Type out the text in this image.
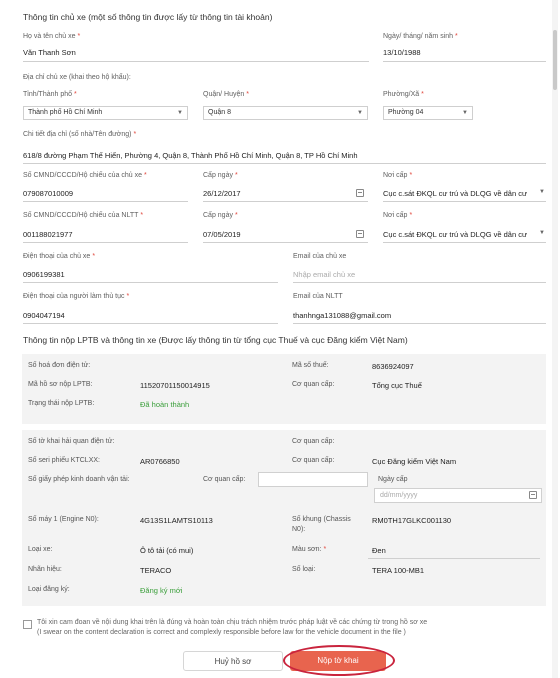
Thông tin chủ xe (một số thông tin được lấy từ thông tin tài khoản)
Họ và tên chủ xe *
Văn Thanh Sơn
Ngày/ tháng/ năm sinh *
13/10/1988
Địa chỉ chủ xe (khai theo hộ khẩu):
Tỉnh/Thành phố *
Thành phố Hồ Chí Minh	▼
Quận/ Huyện *
Quận 8	▼
Phường/Xã *
Phường 04	▼
Chi tiết địa chỉ (số nhà/Tên đường) *
618/8 đường Phạm Thế Hiển, Phường 4, Quận 8, Thành Phố Hồ Chí Minh, Quận 8, TP Hồ Chí Minh
Số CMND/CCCD/Hộ chiếu của chủ xe *
079087010009
Cấp ngày *
26/12/2017
Nơi cấp *
Cục c.sát ĐKQL cư trú và DLQG về dân cư ▼
Số CMND/CCCD/Hộ chiếu của NLTT *
001188021977
Cấp ngày *
07/05/2019
Nơi cấp *
Cục c.sát ĐKQL cư trú và DLQG về dân cư ▼
Điện thoại của chủ xe *
0906199381
Email của chủ xe
Nhập email chủ xe
Điện thoại của người làm thủ tục *
0904047194
Email của NLTT
thanhnga131088@gmail.com
Thông tin nộp LPTB và thông tin xe (Được lấy thông tin từ tổng cục Thuế và cục Đăng kiểm Việt Nam)
Số hoá đơn điện tử:	Mã số thuế:	8636924097
Mã hồ sơ nộp LPTB:	11520701150014915	Cơ quan cấp:	Tổng cục Thuế
Trạng thái nộp LPTB:	Đã hoàn thành
Số tờ khai hải quan điện tử:	Cơ quan cấp:
Số seri phiếu KTCLXX:	AR0766850	Cơ quan cấp:	Cục Đăng kiểm Việt Nam
Số giấy phép kinh doanh vận tải:	Cơ quan cấp:	Ngày cấp
dd/mm/yyyy
Số máy 1 (Engine N0):	4G13S1LAMTS10113	Số khung (Chassis
N0):
RM0TH17GLKC001130
Loại xe:	Ô tô tải (có mui)	Màu sơn: *	Đen
Nhãn hiệu:	TERACO	Số loại:	TERA 100-MB1
Loại đăng ký:	Đăng ký mới
Tôi xin cam đoan về nội dung khai trên là đúng và hoàn toàn chịu trách nhiệm trước pháp luật về các chứng từ trong hồ sơ xe
(I swear on the content declaration is correct and complexly responsible before law for the vehicle document in the file )
Huỷ hồ sơ	Nộp tờ khai
